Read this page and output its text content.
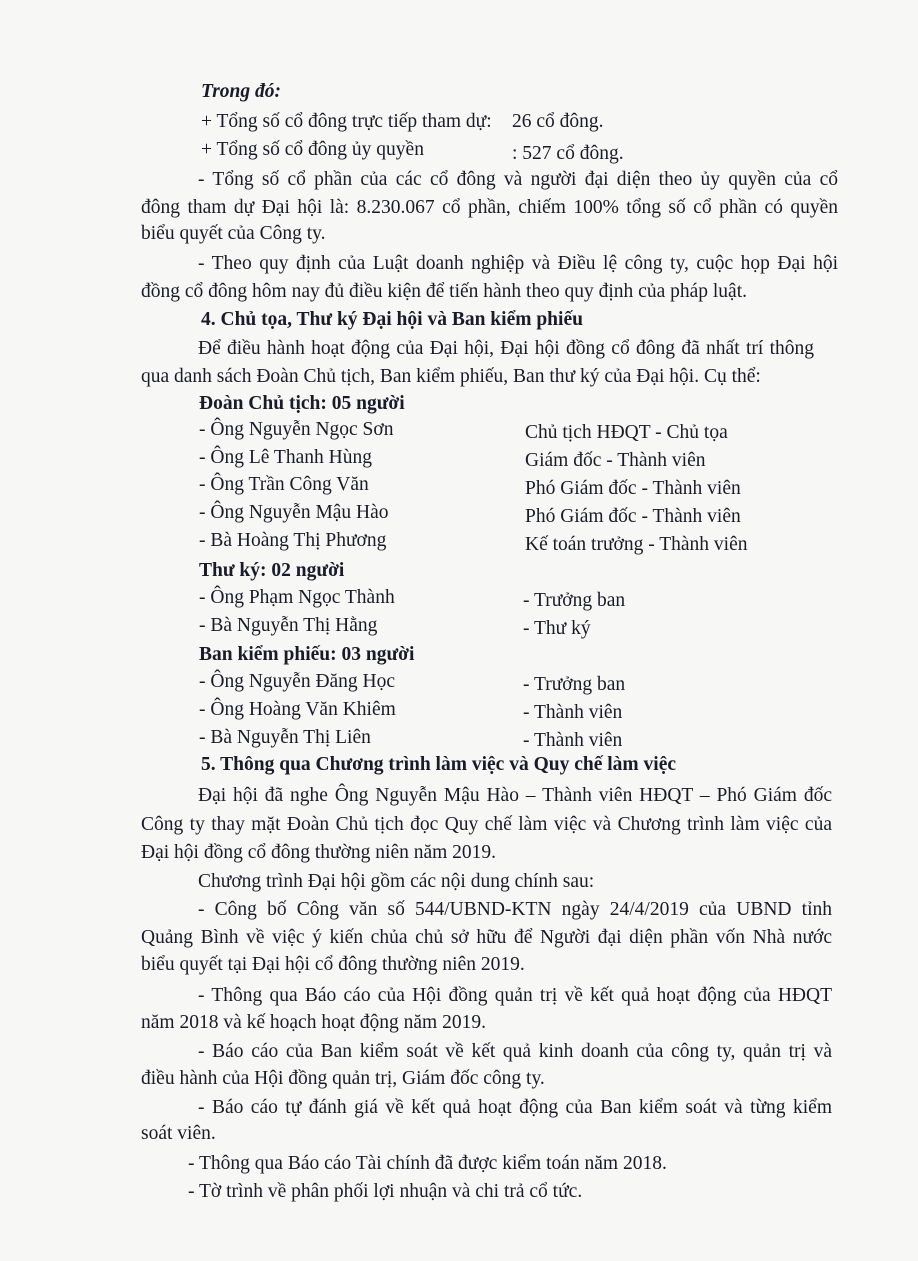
Trong đó:
+ Tổng số cổ đông trực tiếp tham dự: 26 cổ đông.
+ Tổng số cổ đông ủy quyền	: 527 cổ đông.
- Tổng số cổ phần của các cổ đông và người đại diện theo ủy quyền của cổ
đông tham dự Đại hội là: 8.230.067 cổ phần, chiếm 100% tổng số cổ phần có quyền
biểu quyết của Công ty.
- Theo quy định của Luật doanh nghiệp và Điều lệ công ty, cuộc họp Đại hội
đồng cổ đông hôm nay đủ điều kiện để tiến hành theo quy định của pháp luật.
4. Chủ tọa, Thư ký Đại hội và Ban kiểm phiếu
Để điều hành hoạt động của Đại hội, Đại hội đồng cổ đông đã nhất trí thông
qua danh sách Đoàn Chủ tịch, Ban kiểm phiếu, Ban thư ký của Đại hội. Cụ thể:
Đoàn Chủ tịch: 05 người
- Ông Nguyễn Ngọc Sơn	Chủ tịch HĐQT - Chủ tọa
- Ông Lê Thanh Hùng	Giám đốc - Thành viên
- Ông Trần Công Văn	Phó Giám đốc - Thành viên
- Ông Nguyễn Mậu Hào	Phó Giám đốc - Thành viên
- Bà Hoàng Thị Phương	Kế toán trưởng - Thành viên
Thư ký: 02 người
- Ông Phạm Ngọc Thành	- Trưởng ban
- Bà Nguyễn Thị Hằng	- Thư ký
Ban kiểm phiếu: 03 người
- Ông Nguyễn Đăng Học	- Trưởng ban
- Ông Hoàng Văn Khiêm	- Thành viên
- Bà Nguyễn Thị Liên	- Thành viên
5. Thông qua Chương trình làm việc và Quy chế làm việc
Đại hội đã nghe Ông Nguyễn Mậu Hào – Thành viên HĐQT – Phó Giám đốc
Công ty thay mặt Đoàn Chủ tịch đọc Quy chế làm việc và Chương trình làm việc của
Đại hội đồng cổ đông thường niên năm 2019.
Chương trình Đại hội gồm các nội dung chính sau:
- Công bố Công văn số 544/UBND-KTN ngày 24/4/2019 của UBND tỉnh
Quảng Bình về việc ý kiến chủa chủ sở hữu để Người đại diện phần vốn Nhà nước
biểu quyết tại Đại hội cổ đông thường niên 2019.
- Thông qua Báo cáo của Hội đồng quản trị về kết quả hoạt động của HĐQT
năm 2018 và kế hoạch hoạt động năm 2019.
- Báo cáo của Ban kiểm soát về kết quả kinh doanh của công ty, quản trị và
điều hành của Hội đồng quản trị, Giám đốc công ty.
- Báo cáo tự đánh giá về kết quả hoạt động của Ban kiểm soát và từng kiểm
soát viên.
- Thông qua Báo cáo Tài chính đã được kiểm toán năm 2018.
- Tờ trình về phân phối lợi nhuận và chi trả cổ tức.
